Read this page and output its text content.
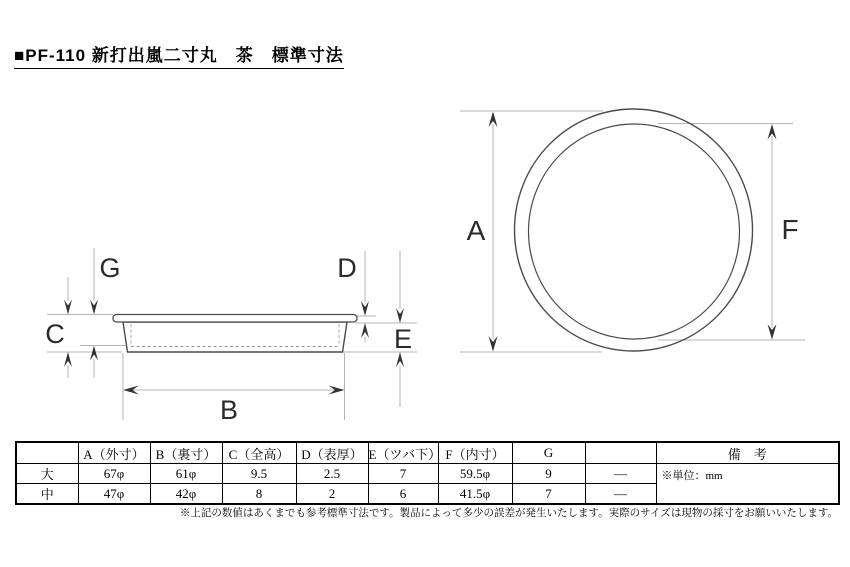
■PF-110 新打出嵐二寸丸　茶　標準寸法
C
G	D
E
B
A	F
	A（外寸）	B（裏寸）	C（全高）	D（表厚）	E（ツバ下）	F（内寸）	G		備　考
大	67φ	61φ	9.5	2.5	7	59.5φ	9	—	※単位：mm
中	47φ	42φ	8	2	6	41.5φ	7	—	
※上記の数値はあくまでも参考標準寸法です。製品によって多少の誤差が発生いたします。実際のサイズは現物の採寸をお願いいたします。
